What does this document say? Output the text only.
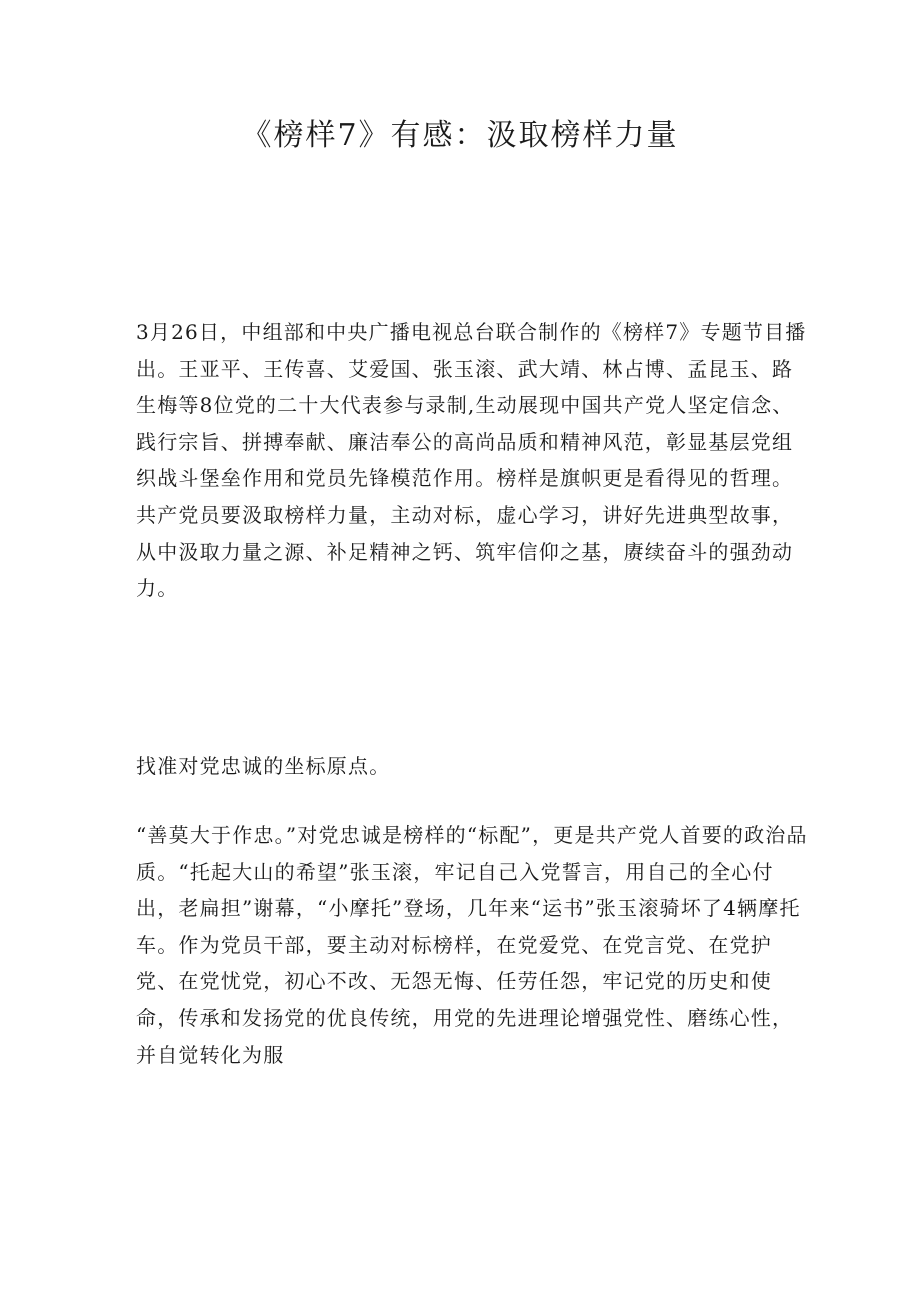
《榜样7》有感：汲取榜样力量

3月26日，中组部和中央广播电视总台联合制作的《榜样7》专题节目播出。王亚平、王传喜、艾爱国、张玉滚、武大靖、林占博、孟昆玉、路生梅等8位党的二十大代表参与录制,生动展现中国共产党人坚定信念、践行宗旨、拼搏奉献、廉洁奉公的高尚品质和精神风范，彰显基层党组织战斗堡垒作用和党员先锋模范作用。榜样是旗帜更是看得见的哲理。共产党员要汲取榜样力量，主动对标，虚心学习，讲好先进典型故事，从中汲取力量之源、补足精神之钙、筑牢信仰之基，赓续奋斗的强劲动力。

找准对党忠诚的坐标原点。

“善莫大于作忠。”对党忠诚是榜样的“标配”，更是共产党人首要的政治品质。“托起大山的希望”张玉滚，牢记自己入党誓言，用自己的全心付出，老扁担”谢幕，“小摩托”登场，几年来“运书”张玉滚骑坏了4辆摩托车。作为党员干部，要主动对标榜样，在党爱党、在党言党、在党护党、在党忧党，初心不改、无怨无悔、任劳任怨，牢记党的历史和使命，传承和发扬党的优良传统，用党的先进理论增强党性、磨练心性，并自觉转化为服
